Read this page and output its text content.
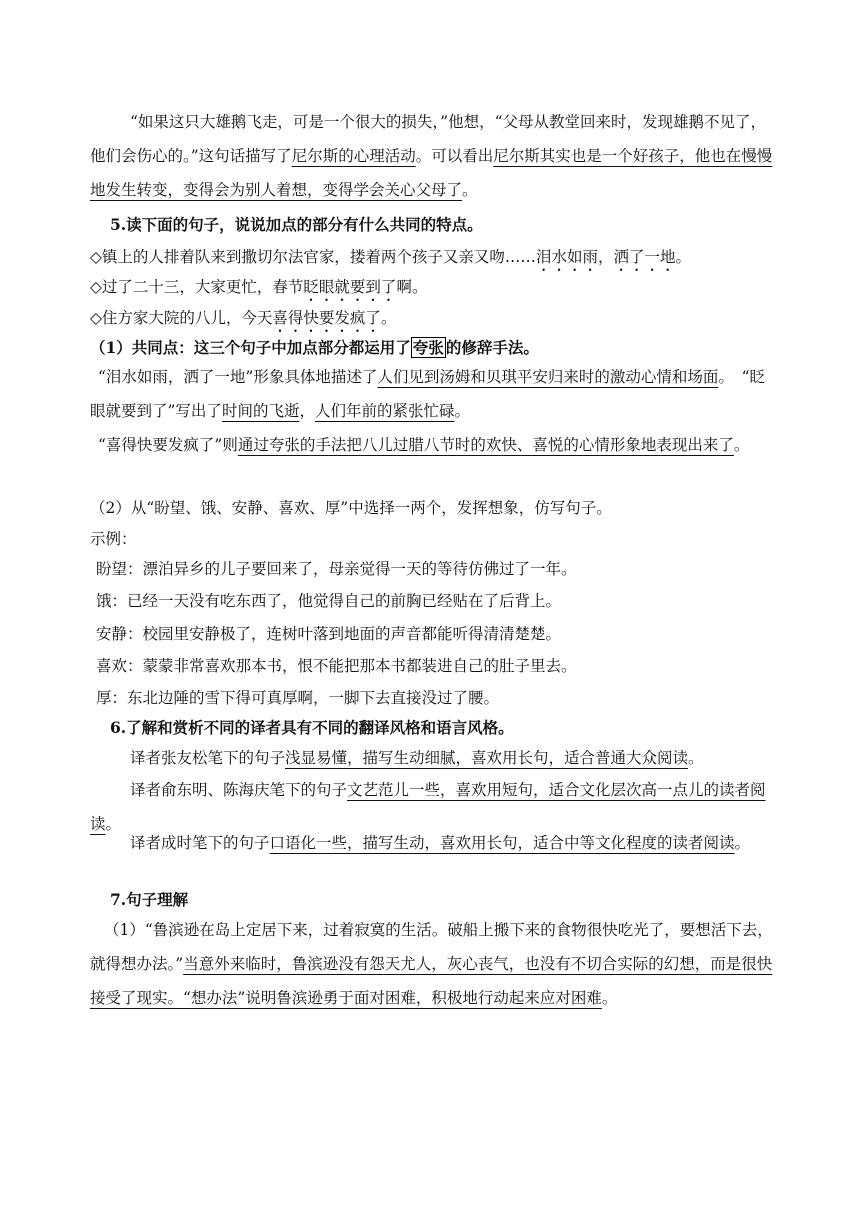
“如果这只大雄鹅飞走，可是一个很大的损失，”他想，“父母从教堂回来时，发现雄鹅不见了，他们会伤心的。”这句话描写了尼尔斯的心理活动。可以看出尼尔斯其实也是一个好孩子，他也在慢慢地发生转变，变得会为别人着想，变得学会关心父母了。
5.读下面的句子，说说加点的部分有什么共同的特点。
◇镇上的人排着队来到撒切尔法官家，搂着两个孩子又亲又吻……泪水如雨，洒了一地。
◇过了二十三，大家更忙，春节眨眼就要到了啊。
◇住方家大院的八儿，今天喜得快要发疯了。
（1）共同点：这三个句子中加点部分都运用了 夸张 的修辞手法。
“泪水如雨，洒了一地”形象具体地描述了人们见到汤姆和贝琪平安归来时的激动心情和场面。　“眨眼就要到了”写出了时间的飞逝，人们年前的紧张忙碌。
“喜得快要发疯了”则通过夸张的手法把八儿过腊八节时的欢快、喜悦的心情形象地表现出来了。
（2）从“盼望、饿、安静、喜欢、厚”中选择一两个，发挥想象，仿写句子。
示例：
盼望：漂泊异乡的儿子要回来了，母亲觉得一天的等待仿佛过了一年。
饿：已经一天没有吃东西了，他觉得自己的前胸已经贴在了后背上。
安静：校园里安静极了，连树叶落到地面的声音都能听得清清楚楚。
喜欢：蒙蒙非常喜欢那本书，恨不能把那本书都装进自己的肚子里去。
厚：东北边陲的雪下得可真厚啊，一脚下去直接没过了腰。
6.了解和赏析不同的译者具有不同的翻译风格和语言风格。
译者张友松笔下的句子浅显易懂，描写生动细腻，喜欢用长句，适合普通大众阅读。
译者俞东明、陈海庆笔下的句子文艺范儿一些，喜欢用短句，适合文化层次高一点儿的读者阅读。
译者成时笔下的句子口语化一些，描写生动，喜欢用长句，适合中等文化程度的读者阅读。
7.句子理解
（1）“鲁滨逊在岛上定居下来，过着寂寞的生活。破船上搬下来的食物很快吃光了，要想活下去，就得想办法。”当意外来临时，鲁滨逊没有怨天尤人，灰心丧气，也没有不切合实际的幻想，而是很快接受了现实。“想办法”说明鲁滨逊勇于面对困难，积极地行动起来应对困难。
